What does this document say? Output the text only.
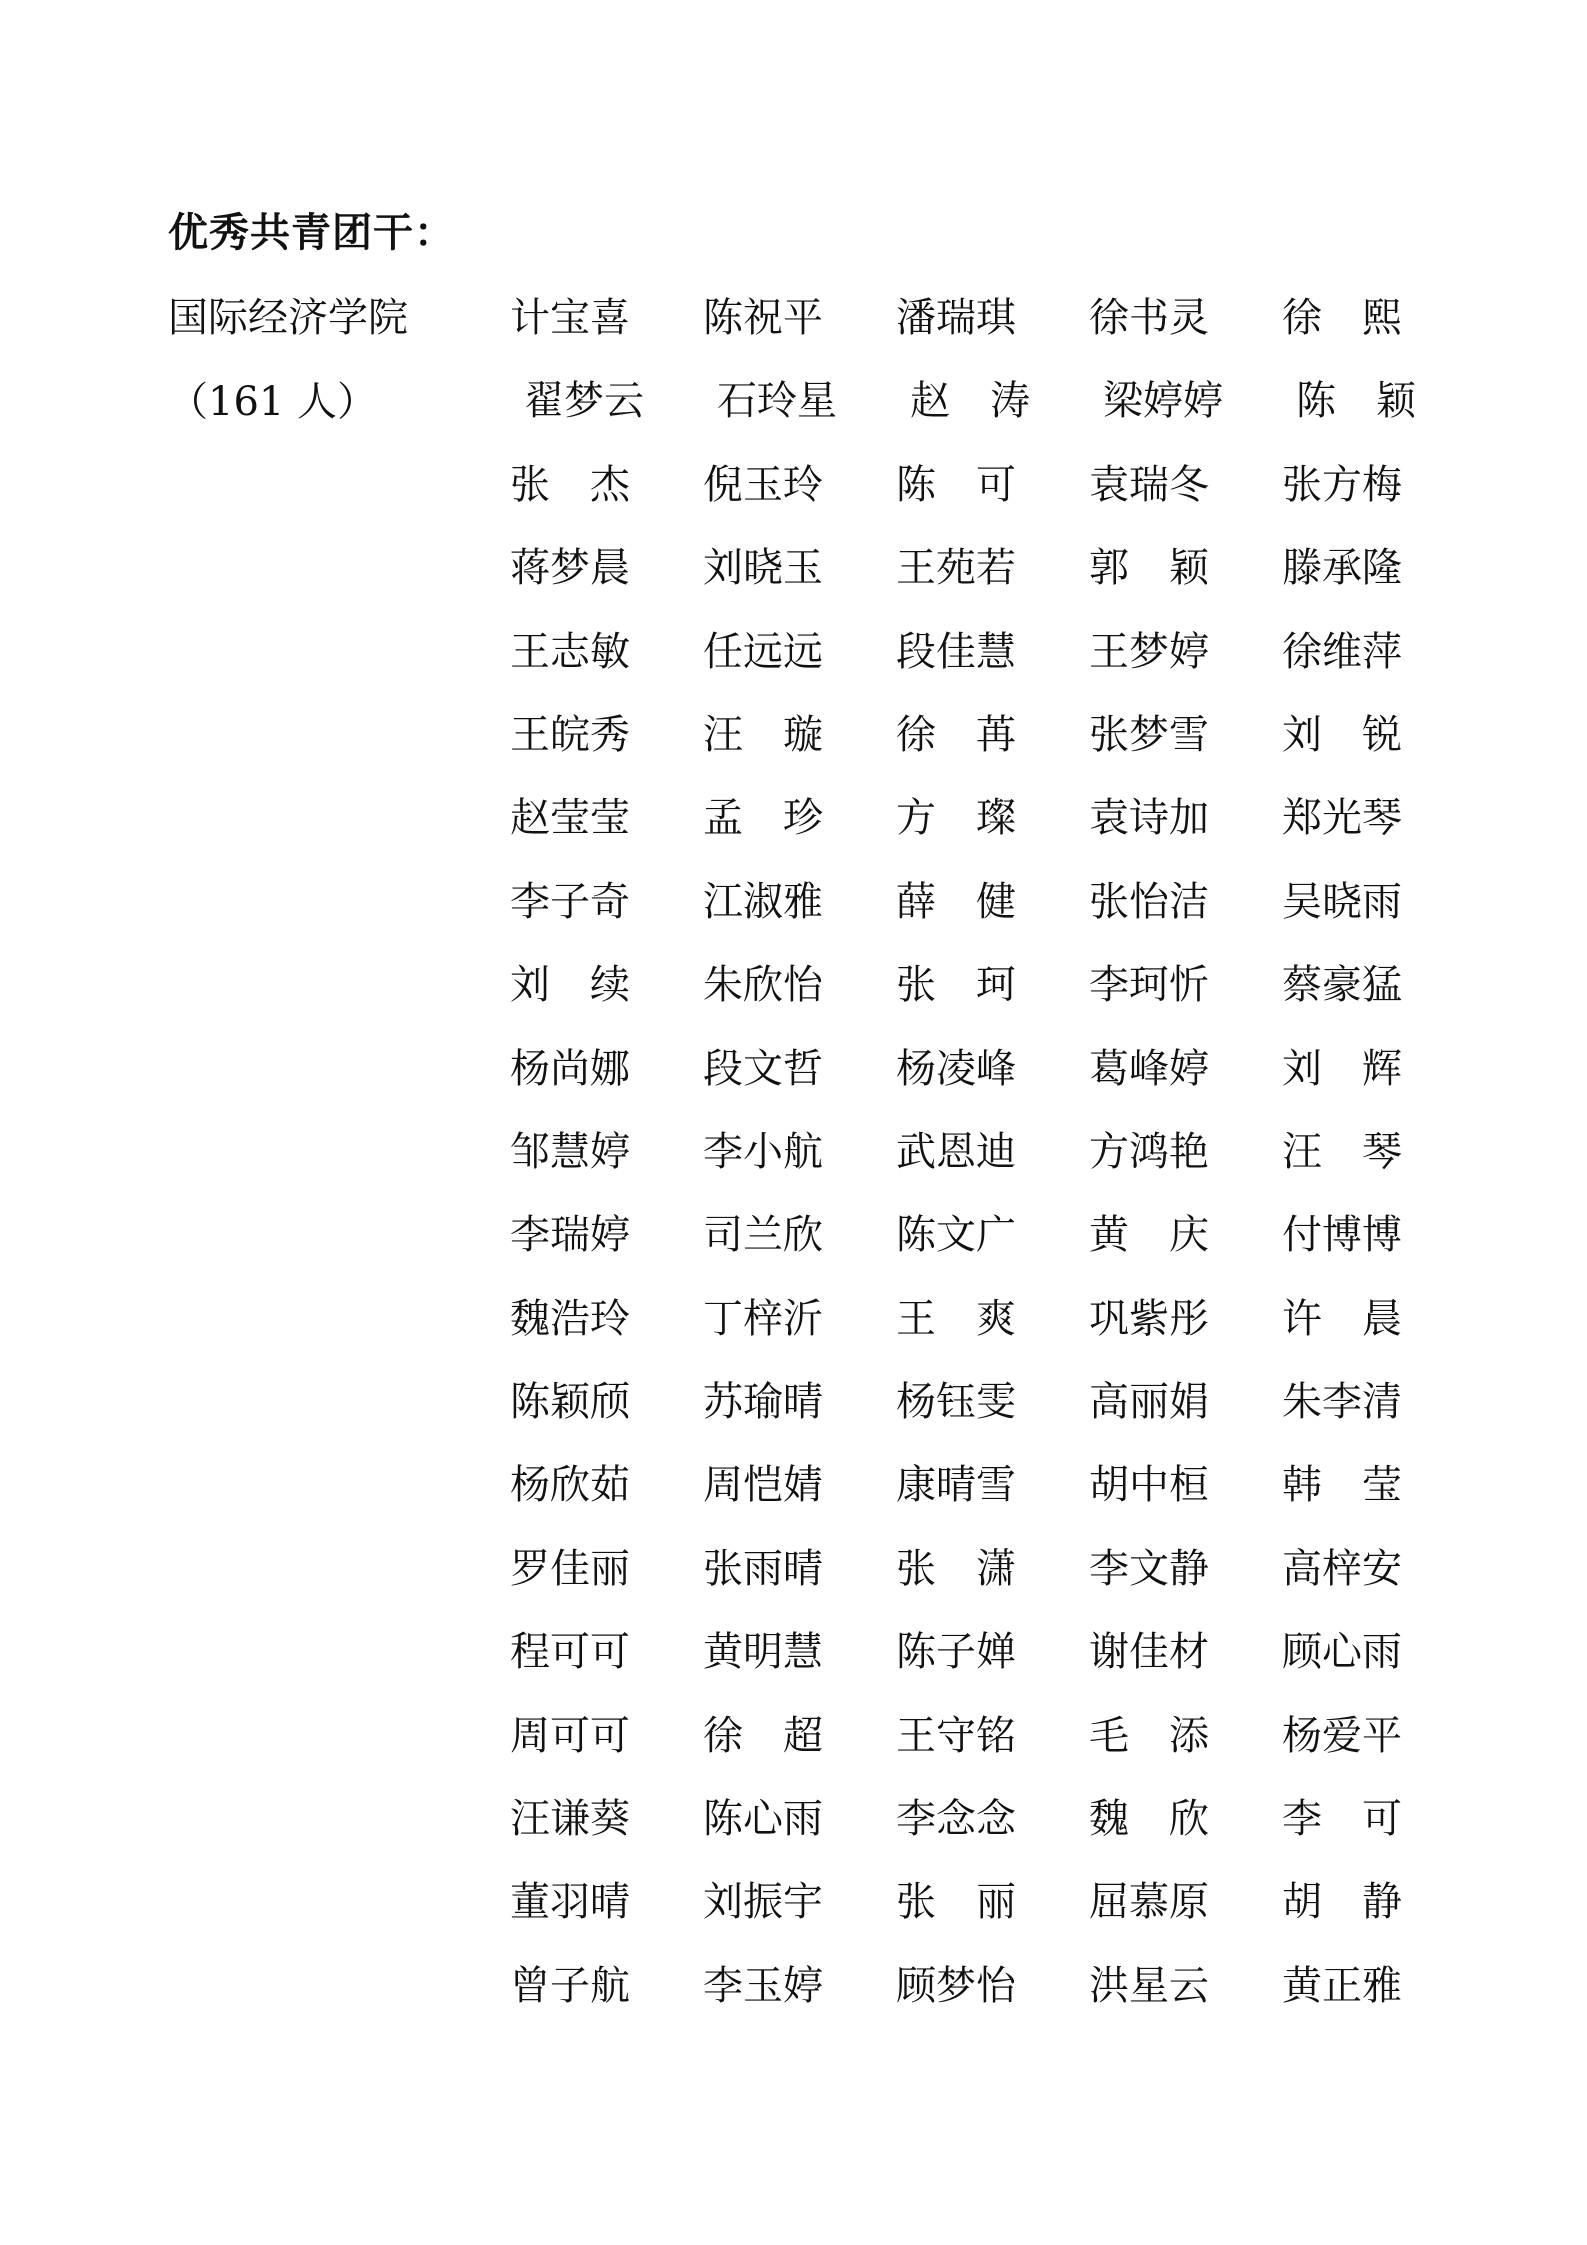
优秀共青团干：
国际经济学院
（161 人）
计宝喜 陈祝平 潘瑞琪 徐书灵 徐　熙
翟梦云 石玲星 赵　涛 梁婷婷 陈　颖
张　杰 倪玉玲 陈　可 袁瑞冬 张方梅
蒋梦晨 刘晓玉 王苑若 郭　颖 滕承隆
王志敏 任远远 段佳慧 王梦婷 徐维萍
王皖秀 汪　璇 徐　苒 张梦雪 刘　锐
赵莹莹 孟　珍 方　璨 袁诗加 郑光琴
李子奇 江淑雅 薛　健 张怡洁 吴晓雨
刘　续 朱欣怡 张　珂 李珂忻 蔡豪猛
杨尚娜 段文哲 杨凌峰 葛峰婷 刘　辉
邹慧婷 李小航 武恩迪 方鸿艳 汪　琴
李瑞婷 司兰欣 陈文广 黄　庆 付博博
魏浩玲 丁梓沂 王　爽 巩紫彤 许　晨
陈颖颀 苏瑜晴 杨钰雯 高丽娟 朱李清
杨欣茹 周恺婧 康晴雪 胡中桓 韩　莹
罗佳丽 张雨晴 张　潇 李文静 高梓安
程可可 黄明慧 陈子婵 谢佳材 顾心雨
周可可 徐　超 王守铭 毛　添 杨爱平
汪谦葵 陈心雨 李念念 魏　欣 李　可
董羽晴 刘振宇 张　丽 屈慕原 胡　静
曾子航 李玉婷 顾梦怡 洪星云 黄正雅
